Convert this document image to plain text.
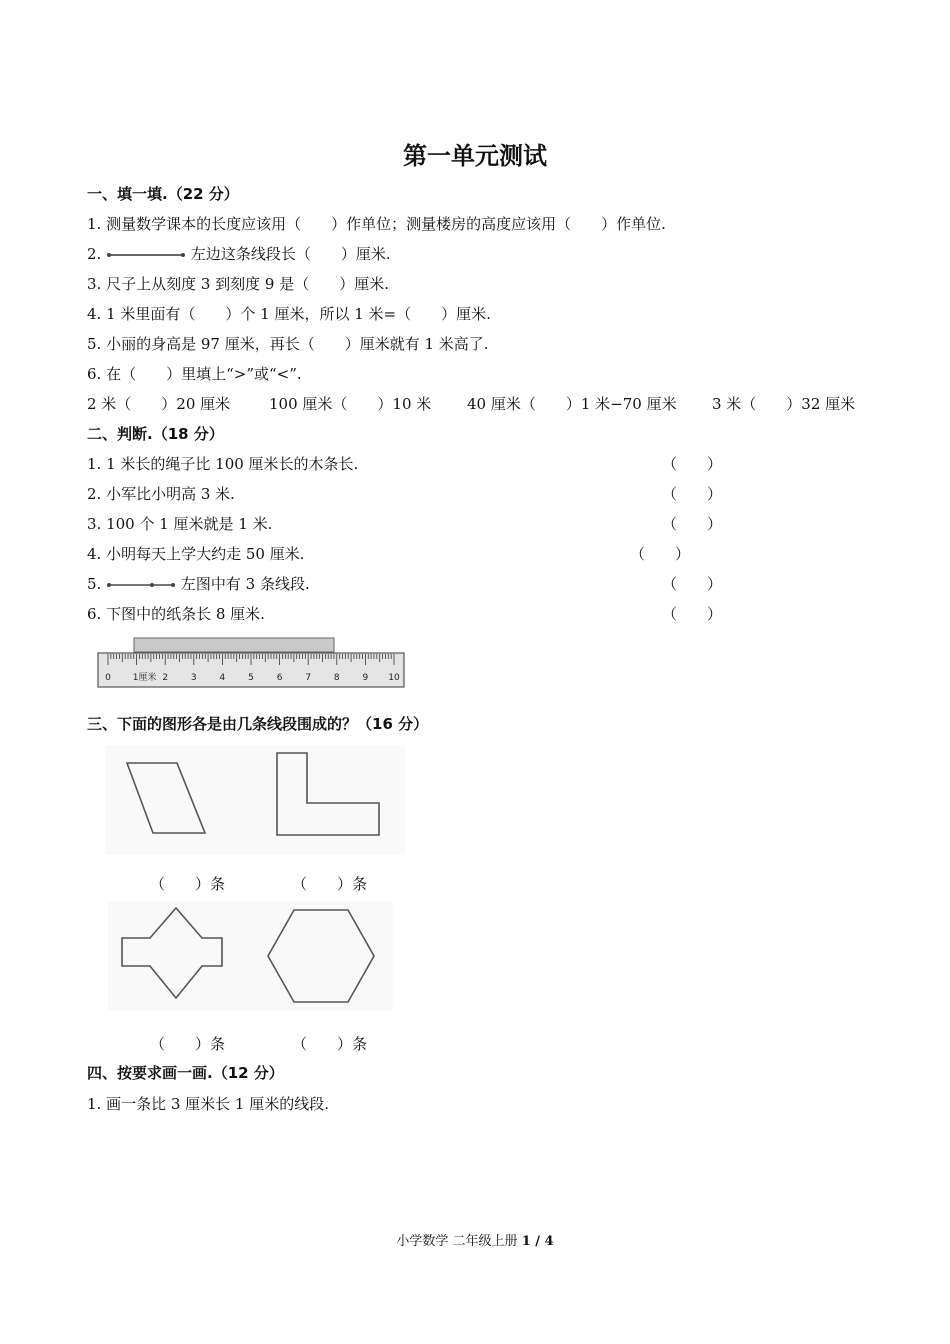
第一单元测试
一、填一填.（22 分）
1. 测量数学课本的长度应该用（　　）作单位；测量楼房的高度应该用（　　）作单位.
2.	左边这条线段长（　　）厘米.
3. 尺子上从刻度 3 到刻度 9 是（　　）厘米.
4. 1 米里面有（　　）个 1 厘米，所以 1 米=（　　）厘米.
5. 小丽的身高是 97 厘米，再长（　　）厘米就有 1 米高了.
6. 在（　　）里填上“>”或“<”.
2 米（　　）20 厘米	100 厘米（　　）10 米 40 厘米（　　）1 米−70 厘米 3 米（　　）32 厘米
二、判断.（18 分）
1. 1 米长的绳子比 100 厘米长的木条长.	（　　）
2. 小军比小明高 3 米.	（　　）
3. 100 个 1 厘米就是 1 米.	（　　）
4. 小明每天上学大约走 50 厘米.	（　　）
5.	左图中有 3 条线段.	（　　）
6. 下图中的纸条长 8 厘米.	（　　）
0 1厘米 2	3	4	5	6	7	8	9 10
三、下面的图形各是由几条线段围成的？（16 分）
（　　）条	（　　）条
（　　）条	（　　）条
四、按要求画一画.（12 分）
1. 画一条比 3 厘米长 1 厘米的线段.
小学数学 二年级上册 1 / 4
